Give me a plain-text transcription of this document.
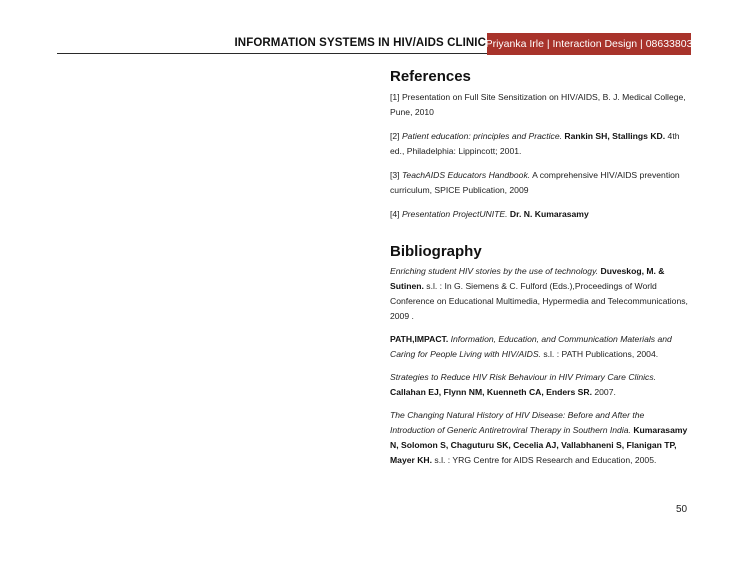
INFORMATION SYSTEMS IN HIV/AIDS CLINIC Priyanka Irle | Interaction Design | 08633803
References

[1] Presentation on Full Site Sensitization on HIV/AIDS, B. J. Medical College, Pune, 2010

[2] Patient education: principles and Practice. Rankin SH, Stallings KD. 4th ed., Philadelphia: Lippincott; 2001.

[3] TeachAIDS Educators Handbook. A comprehensive HIV/AIDS prevention curriculum, SPICE Publication, 2009

[4] Presentation ProjectUNITE. Dr. N. Kumarasamy

Bibliography

Enriching student HIV stories by the use of technology. Duveskog, M. & Sutinen. s.l. : In G. Siemens & C. Fulford (Eds.),Proceedings of World Conference on Educational Multimedia, Hypermedia and Telecommunications, 2009 .

PATH,IMPACT. Information, Education, and Communication Materials and Caring for People Living with HIV/AIDS. s.l. : PATH Publications, 2004.

Strategies to Reduce HIV Risk Behaviour in HIV Primary Care Clinics. Callahan EJ, Flynn NM, Kuenneth CA, Enders SR. 2007.

The Changing Natural History of HIV Disease: Before and After the Introduction of Generic Antiretroviral Therapy in Southern India. Kumarasamy N, Solomon S, Chaguturu SK, Cecelia AJ, Vallabhaneni S, Flanigan TP, Mayer KH. s.l. : YRG Centre for AIDS Research and Education, 2005.

50
